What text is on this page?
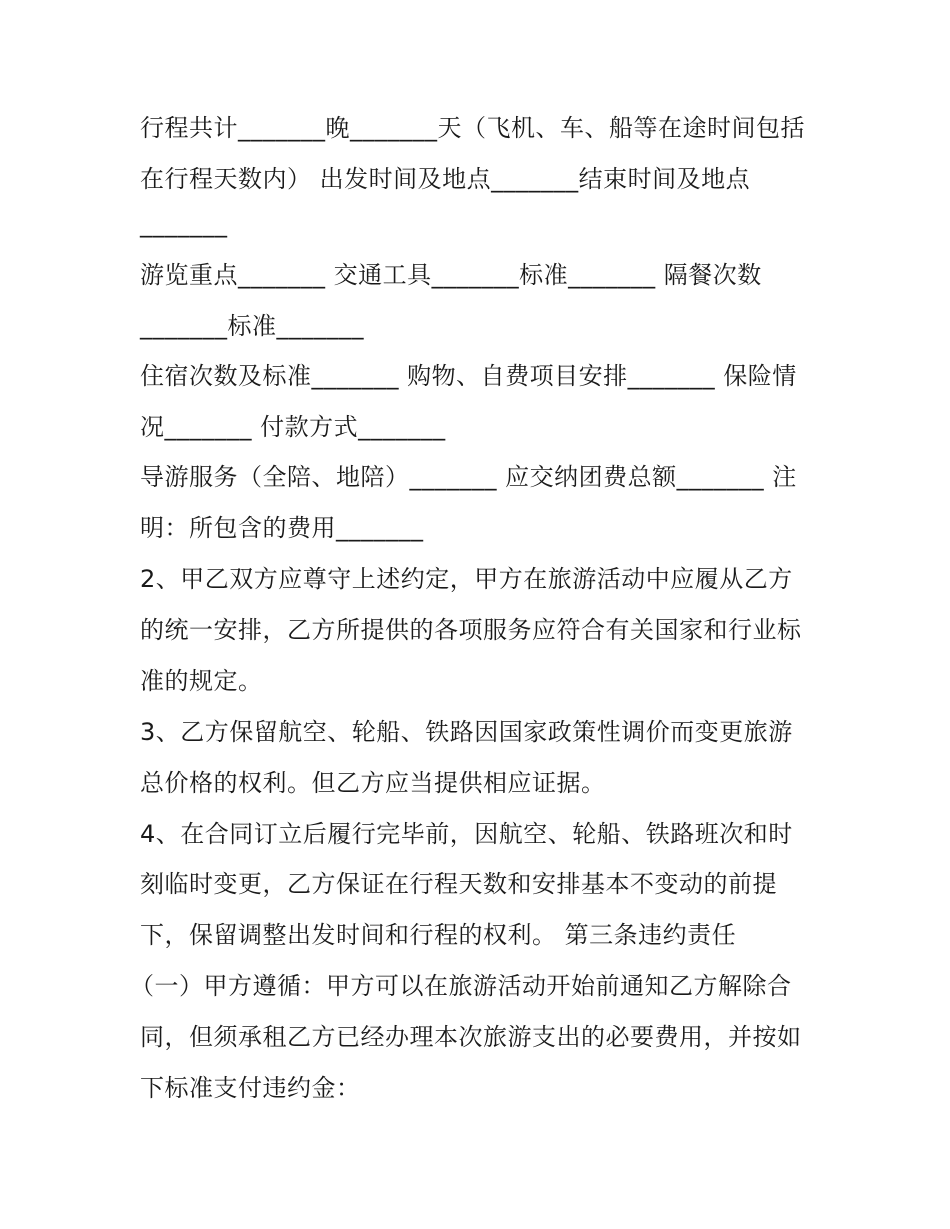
行程共计_______晚_______天（飞机、车、船等在途时间包括

在行程天数内） 出发时间及地点_______结束时间及地点

_______

游览重点_______ 交通工具_______标准_______ 隔餐次数

_______标准_______

住宿次数及标准_______ 购物、自费项目安排_______ 保险情

况_______ 付款方式_______

导游服务（全陪、地陪）_______ 应交纳团费总额_______ 注

明：所包含的费用_______

2、甲乙双方应尊守上述约定，甲方在旅游活动中应履从乙方

的统一安排，乙方所提供的各项服务应符合有关国家和行业标

准的规定。

3、乙方保留航空、轮船、铁路因国家政策性调价而变更旅游

总价格的权利。但乙方应当提供相应证据。

4、在合同订立后履行完毕前，因航空、轮船、铁路班次和时

刻临时变更，乙方保证在行程天数和安排基本不变动的前提

下，保留调整出发时间和行程的权利。 第三条违约责任

（一）甲方遵循：甲方可以在旅游活动开始前通知乙方解除合

同，但须承租乙方已经办理本次旅游支出的必要费用，并按如

下标准支付违约金：
